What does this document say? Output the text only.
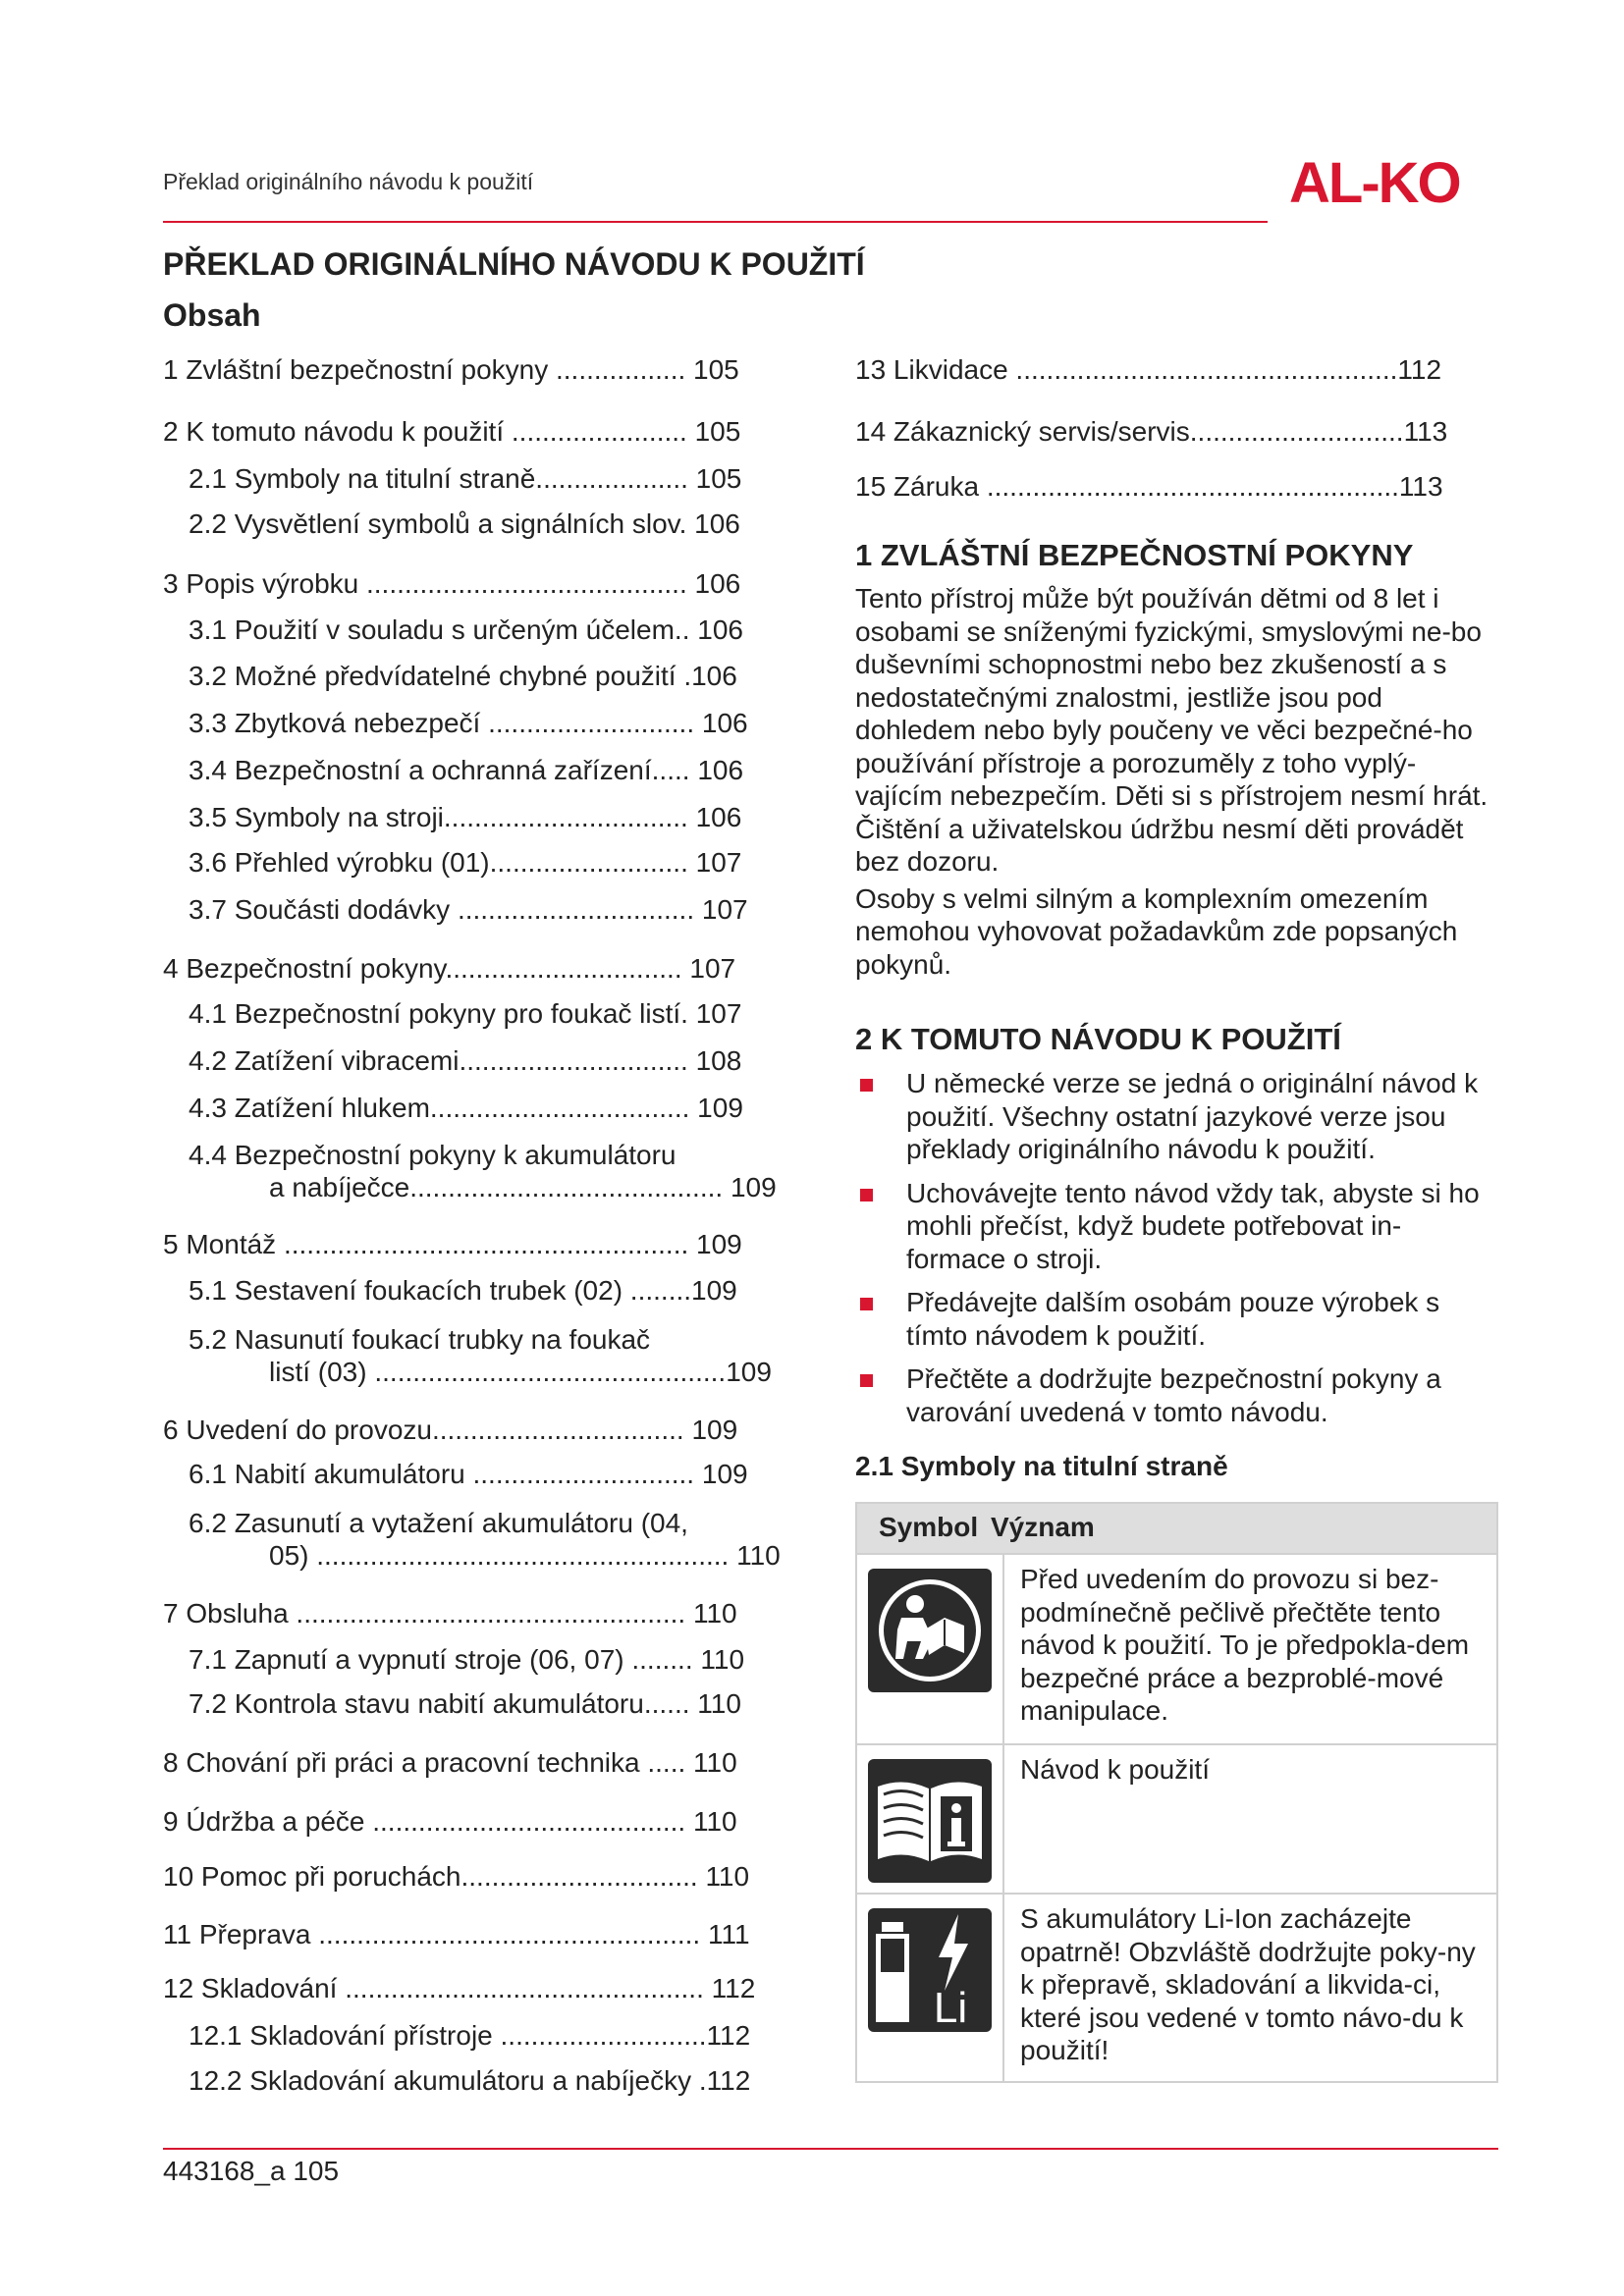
Překlad originálního návodu k použití	AL-KO
PŘEKLAD ORIGINÁLNÍHO NÁVODU K POUŽITÍ
Obsah
1 Zvláštní bezpečnostní pokyny ................. 105
2 K tomuto návodu k použití ....................... 105
2.1 Symboly na titulní straně.................... 105
2.2 Vysvětlení symbolů a signálních slov. 106
3 Popis výrobku .......................................... 106
3.1 Použití v souladu s určeným účelem.. 106
3.2 Možné předvídatelné chybné použití .106
3.3 Zbytková nebezpečí ........................... 106
3.4 Bezpečnostní a ochranná zařízení..... 106
3.5 Symboly na stroji................................ 106
3.6 Přehled výrobku (01).......................... 107
3.7 Součásti dodávky ............................... 107
4 Bezpečnostní pokyny............................... 107
4.1 Bezpečnostní pokyny pro foukač listí. 107
4.2 Zatížení vibracemi.............................. 108
4.3 Zatížení hlukem.................................. 109
4.4 Bezpečnostní pokyny k akumulátoru
a nabíječce......................................... 109
5 Montáž ..................................................... 109
5.1 Sestavení foukacích trubek (02) ........109
5.2 Nasunutí foukací trubky na foukač
listí (03) ..............................................109
6 Uvedení do provozu................................. 109
6.1 Nabití akumulátoru ............................. 109
6.2 Zasunutí a vytažení akumulátoru (04,
05) ...................................................... 110
7 Obsluha ................................................... 110
7.1 Zapnutí a vypnutí stroje (06, 07) ........ 110
7.2 Kontrola stavu nabití akumulátoru...... 110
8 Chování při práci a pracovní technika ..... 110
9 Údržba a péče ......................................... 110
10 Pomoc při poruchách............................... 110
11 Přeprava .................................................. 111
12 Skladování ............................................... 112
12.1 Skladování přístroje ...........................112
12.2 Skladování akumulátoru a nabíječky .112
13 Likvidace ..................................................112
14 Zákaznický servis/servis............................113
15 Záruka ......................................................113
1 ZVLÁŠTNÍ BEZPEČNOSTNÍ POKYNY

Tento přístroj může být používán dětmi od 8 let i osobami se sníženými fyzickými, smyslovými ne-bo duševními schopnostmi nebo bez zkušeností a s nedostatečnými znalostmi, jestliže jsou pod dohledem nebo byly poučeny ve věci bezpečné-ho používání přístroje a porozuměly z toho vyplý-vajícím nebezpečím. Děti si s přístrojem nesmí hrát. Čištění a uživatelskou údržbu nesmí děti provádět bez dozoru.

Osoby s velmi silným a komplexním omezením nemohou vyhovovat požadavkům zde popsaných pokynů.

2 K TOMUTO NÁVODU K POUŽITÍ
U německé verze se jedná o originální návod k použití. Všechny ostatní jazykové verze jsou překlady originálního návodu k použití.
Uchovávejte tento návod vždy tak, abyste si ho mohli přečíst, když budete potřebovat in-formace o stroji.
Předávejte dalším osobám pouze výrobek s tímto návodem k použití.
Přečtěte a dodržujte bezpečnostní pokyny a varování uvedená v tomto návodu.
2.1 Symboly na titulní straně
Symbol Význam
Před uvedením do provozu si bez-podmínečně pečlivě přečtěte tento návod k použití. To je předpokla-dem bezpečné práce a bezproblé-mové manipulace.
Návod k použití
Li
S akumulátory Li-Ion zacházejte opatrně! Obzvláště dodržujte poky-ny k přepravě, skladování a likvida-ci, které jsou vedené v tomto návo-du k použití!
443168_a 105
